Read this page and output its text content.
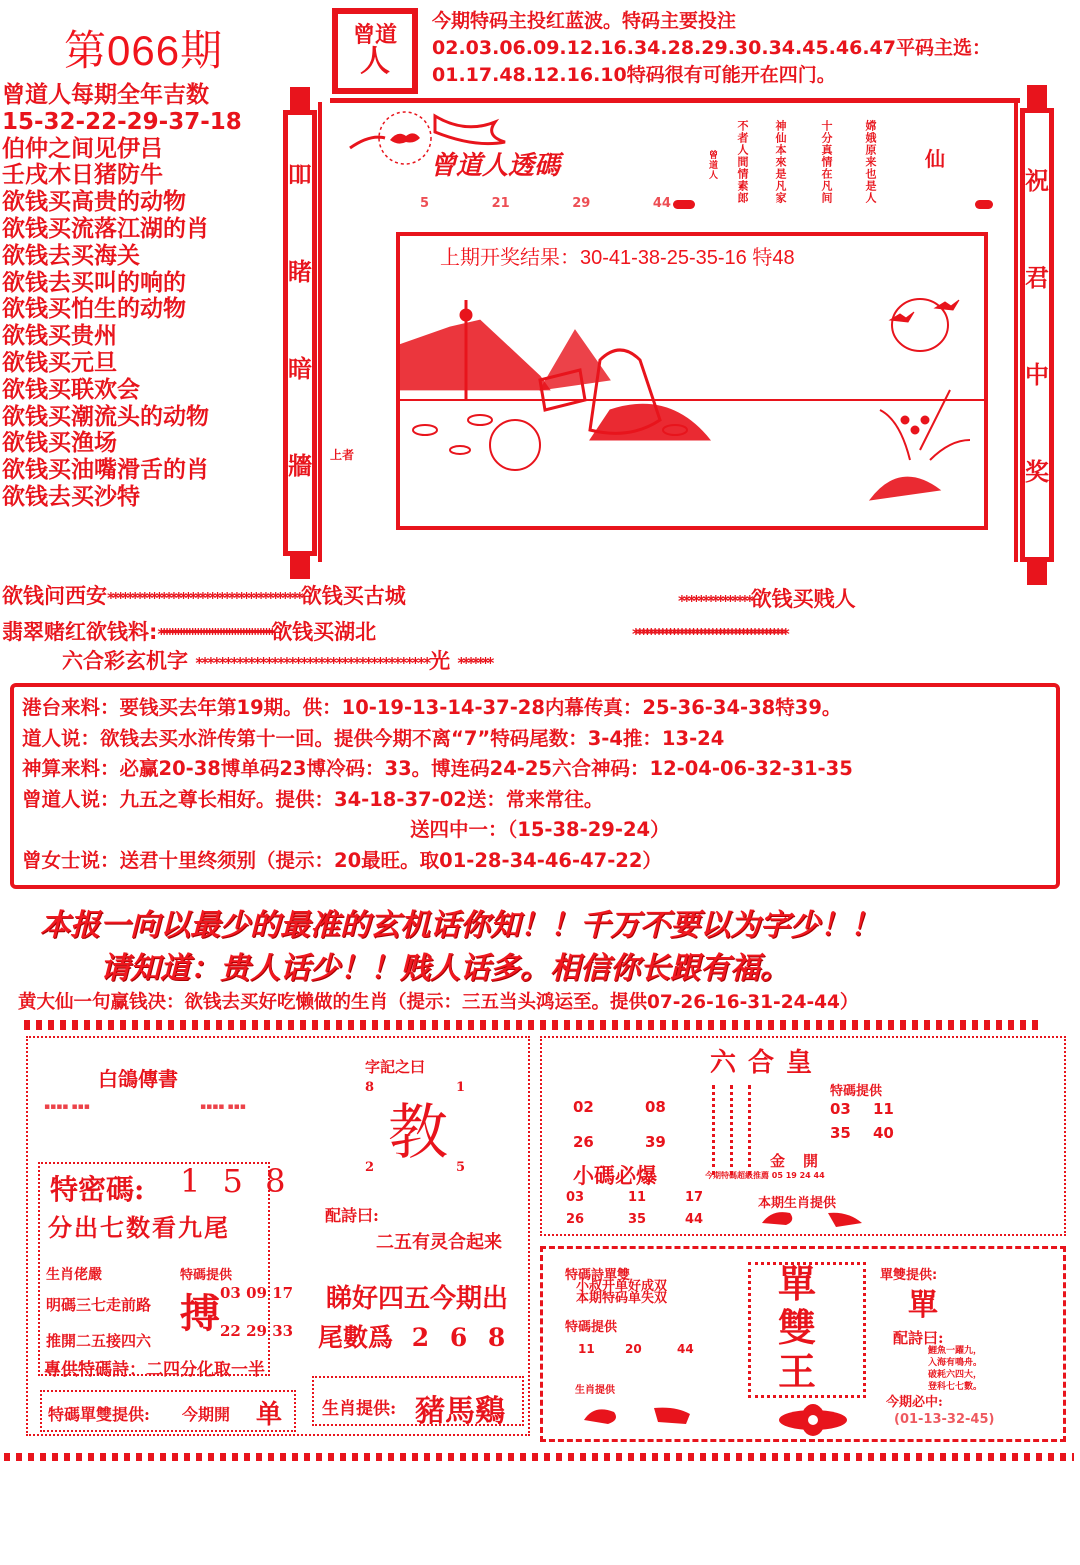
第066期	曾道
人
今期特码主投红蓝波。特码主要投注02.03.06.09.12.16.34.28.29.30.34.45.46.47平码主选：01.17.48.12.16.10特码很有可能开在四门。
曾道人每期全年吉数
15-32-22-29-37-18
伯仲之间见伊吕
壬戌木日猪防牛
欲钱买高贵的动物
欲钱买流落江湖的肖
欲钱去买海关
欲钱去买叫的响的
欲钱买怕生的动物
欲钱买贵州
欲钱买元旦
欲钱买联欢会
欲钱买潮流头的动物
欲钱买渔场
欲钱买油嘴滑舌的肖
欲钱去买沙特
吅
睹
暗
牆
祝
君
中
奖
曾道人透碼	嫦娥原来也是人
十分真情在凡间
神仙本來是凡家
不者人間情素郎
曾道人	仙
5	21	29	44
上期开奖结果：30-41-38-25-35-16 特48
上者
欲钱问西安****************************************欲钱买古城	***************欲钱买贱人
翡翠赌红欲钱料:****************************************欲钱买湖北	****************************************
六合彩玄机字 ****************************************光 *******
港台来料：要钱买去年第19期。供：10-19-13-14-37-28内幕传真：25-36-34-38特39。
道人说：欲钱去买水浒传第十一回。提供今期不离“7”特码尾数：3-4推：13-24
神算来料：必赢20-38博单码23博冷码：33。博连码24-25六合神码：12-04-06-32-31-35
曾道人说：九五之尊长相好。提供：34-18-37-02送：常来常往。
送四中一：（15-38-29-24）
曾女士说：送君十里终须别（提示：20最旺。取01-28-34-46-47-22）
本报一向以最少的最准的玄机话你知！！千万不要以为字少！！
请知道：贵人话少！！贱人话多。相信你长跟有福。
黄大仙一句赢钱决：欲钱去买好吃懒做的生肖（提示：三五当头鸿运至。提供07-26-16-31-24-44）
白鴿傳書
▪▪▪▪ ▪▪▪	▪▪▪▪ ▪▪▪
字記之曰
8	1
教
2	5
特密碼: 1 5 8
分出七数看九尾	配詩曰:
二五有灵合起来
生肖佬嚴
明碼三七走前路
推開二五接四六
特碼提供
搏 03 09 17
22 29 33
睇好四五今期出
尾數爲 2 6 8
專供特碼詩：二四分化取一半
特碼單雙提供: 今期開 单 生肖提供: 豬馬鷄
六合皇
02	08
26	39
特碼提供
03 11
35 40
金開
小碼必爆	今期特碼超級推薦 05 19 24 44
03	11	17
26	35	44
本期生肖提供
特碼詩單雙
小叔开单好成双
本期特码单失双
特碼提供
11	20	44
生肖提供
單
雙
王
單雙提供:
單
配詩曰:
鯉魚一躍九，
入海有鳴舟。
破耗六四大，
登科七七數。
今期必中:
(01-13-32-45)
